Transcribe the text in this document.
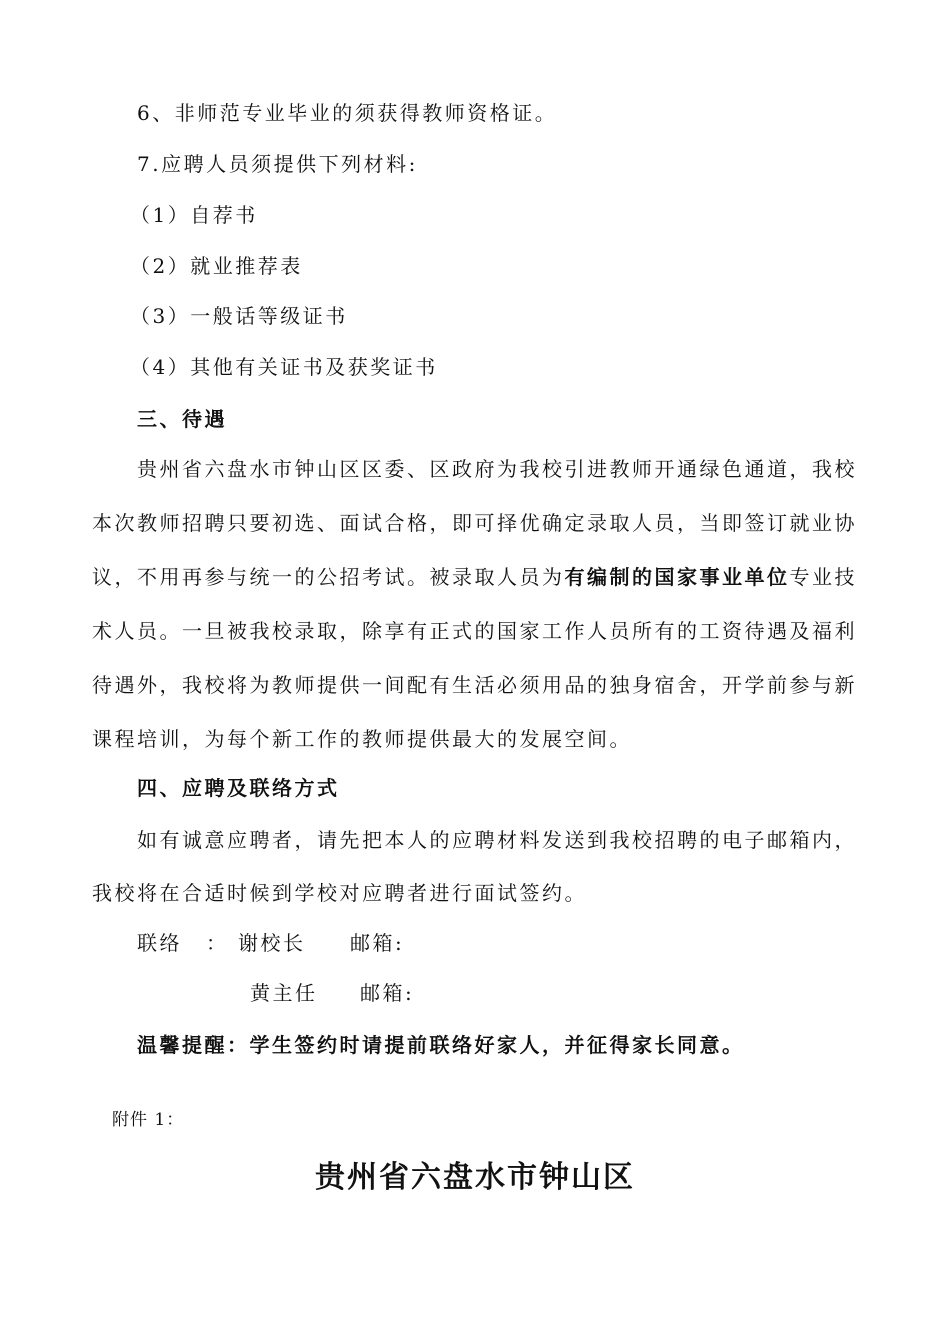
6、非师范专业毕业的须获得教师资格证。
7.应聘人员须提供下列材料:
（1）自荐书
（2）就业推荐表
（3）一般话等级证书
（4）其他有关证书及获奖证书
三、待遇
贵州省六盘水市钟山区区委、区政府为我校引进教师开通绿色通道，我校
本次教师招聘只要初选、面试合格，即可择优确定录取人员，当即签订就业协
议，不用再参与统一的公招考试。被录取人员为有编制的国家事业单位专业技
术人员。一旦被我校录取，除享有正式的国家工作人员所有的工资待遇及福利
待遇外，我校将为教师提供一间配有生活必须用品的独身宿舍，开学前参与新
课程培训，为每个新工作的教师提供最大的发展空间。
四、应聘及联络方式
如有诚意应聘者，请先把本人的应聘材料发送到我校招聘的电子邮箱内，
我校将在合适时候到学校对应聘者进行面试签约。
联络 ： 谢校长 邮箱:
黄主任 邮箱:
温馨提醒：学生签约时请提前联络好家人，并征得家长同意。
附件 1：
贵州省六盘水市钟山区
